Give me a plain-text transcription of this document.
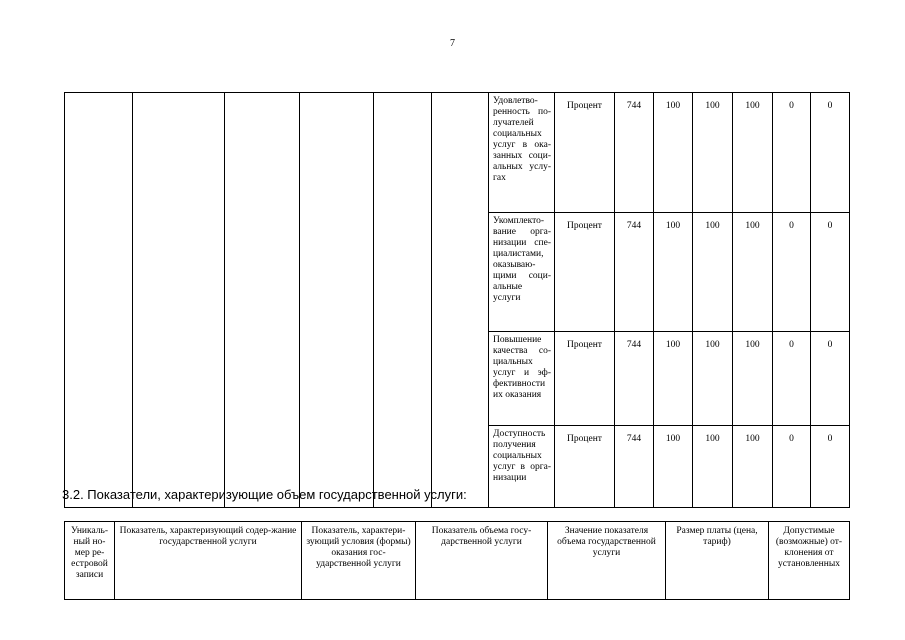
7
						Удовлетво-ренность по-лучателей социальных услуг в ока-занных соци-альных услу-гах	Процент	744	100	100	100	0	0
						Укомплекто-вание орга-низации спе-циалистами, оказываю-щими соци-альные услуги	Процент	744	100	100	100	0	0
						Повышение качества со-циальных услуг и эф-фективности их оказания	Процент	744	100	100	100	0	0
						Доступность получения социальных услуг в орга-низации	Процент	744	100	100	100	0	0
3.2. Показатели, характеризующие объем государственной услуги:
Уникаль-ный но-мер ре-естровой записи	Показатель, характеризующий содер-жание государственной услуги	Показатель, характери-зующий условия (формы) оказания гос-ударственной услуги	Показатель объема госу-дарственной услуги	Значение показателя объема государственной услуги	Размер платы (цена, тариф)	Допустимые (возможные) от-клонения от установленных
